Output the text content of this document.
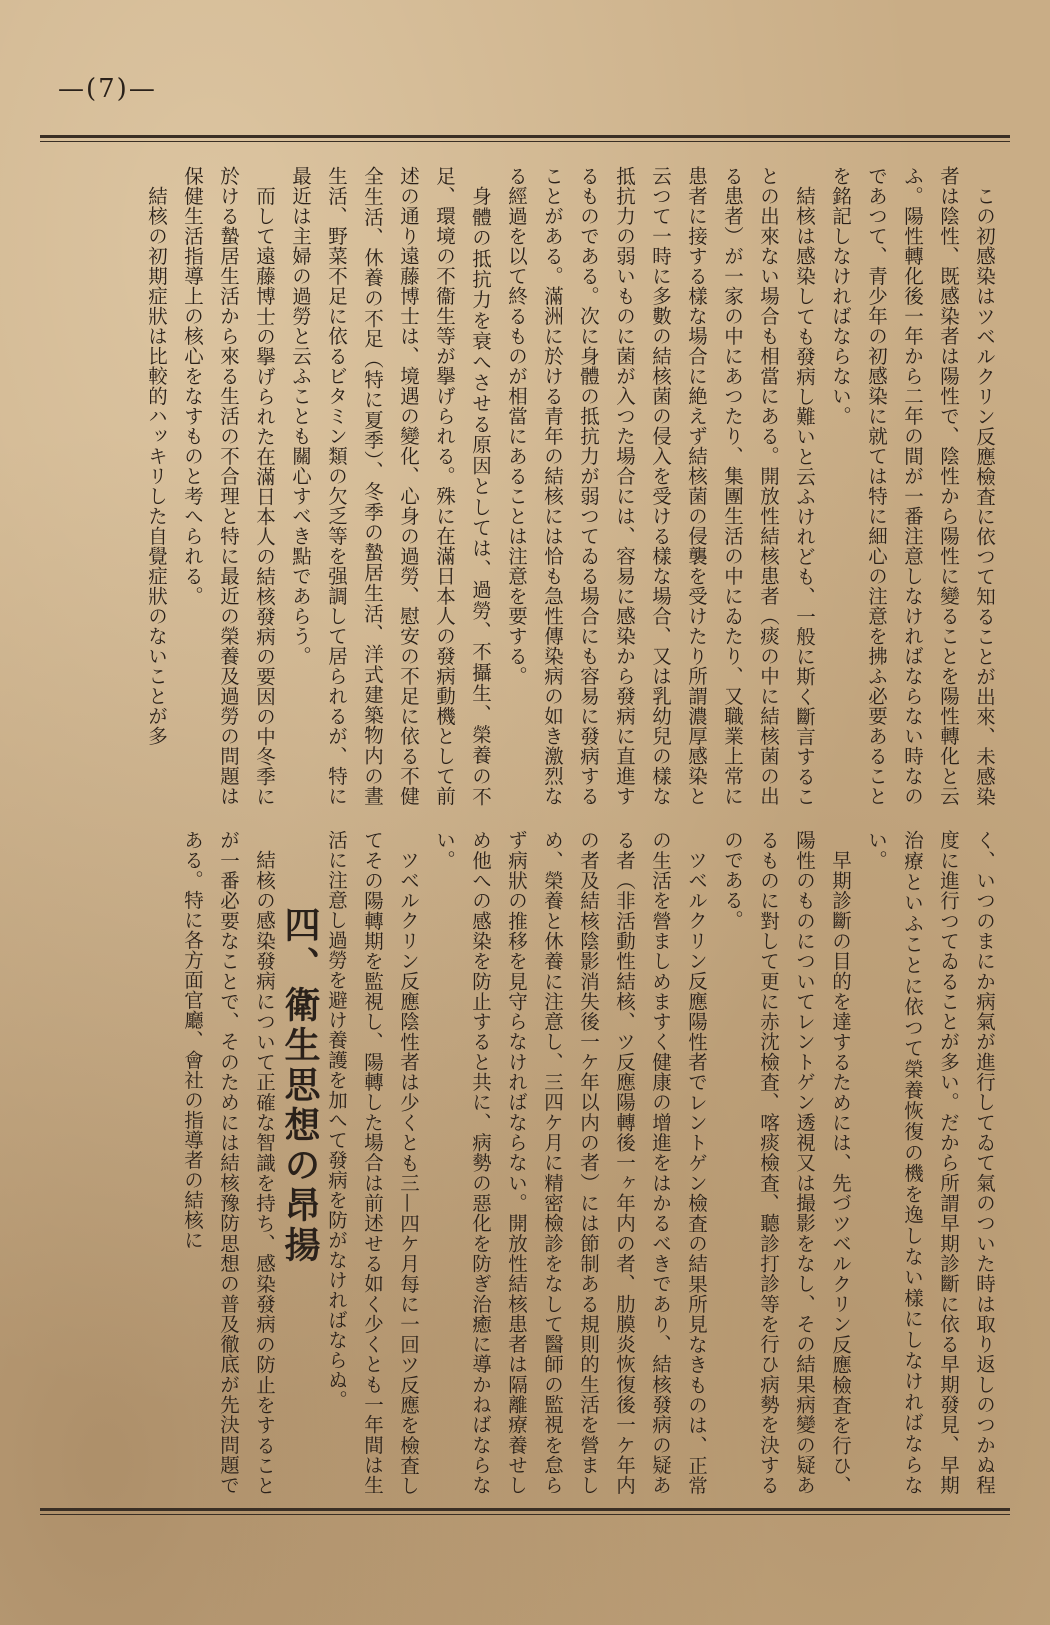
—(7)—

この初感染はツベルクリン反應檢査に依つて知ることが出來、未感染者は陰性、既感染者は陽性で、陰性から陽性に變ることを陽性轉化と云ふ。陽性轉化後一年から二年の間が一番注意しなければならない時なのであつて、青少年の初感染に就ては特に細心の注意を拂ふ必要あることを銘記しなければならない。

結核は感染しても發病し難いと云ふけれども、一般に斯く斷言することの出來ない場合も相當にある。開放性結核患者（痰の中に結核菌の出る患者）が一家の中にあつたり、集團生活の中にゐたり、又職業上常に患者に接する樣な場合に絶えず結核菌の侵襲を受けたり所謂濃厚感染と云つて一時に多數の結核菌の侵入を受ける樣な場合、又は乳幼兒の樣な抵抗力の弱いものに菌が入つた場合には、容易に感染から發病に直進するものである。次に身體の抵抗力が弱つてゐる場合にも容易に發病することがある。滿洲に於ける青年の結核には恰も急性傳染病の如き激烈なる經過を以て終るものが相當にあることは注意を要する。

身體の抵抗力を衰へさせる原因としては、過勞、不攝生、榮養の不足、環境の不衞生等が擧げられる。殊に在滿日本人の發病動機として前述の通り遠藤博士は、境遇の變化、心身の過勞、慰安の不足に依る不健全生活、休養の不足（特に夏季）、冬季の蟄居生活、洋式建築物内の晝生活、野菜不足に依るビタミン類の欠乏等を强調して居られるが、特に最近は主婦の過勞と云ふことも關心すべき點であらう。

而して遠藤博士の擧げられた在滿日本人の結核發病の要因の中冬季に於ける蟄居生活から來る生活の不合理と特に最近の榮養及過勞の問題は保健生活指導上の核心をなすものと考へられる。

結核の初期症狀は比較的ハッキリした自覺症狀のないことが多

く、いつのまにか病氣が進行してゐて氣のついた時は取り返しのつかぬ程度に進行つてゐることが多い。だから所謂早期診斷に依る早期發見、早期治療といふことに依つて榮養恢復の機を逸しない樣にしなければならない。

早期診斷の目的を達するためには、先づツベルクリン反應檢査を行ひ、陽性のものについてレントゲン透視又は撮影をなし、その結果病變の疑あるものに對して更に赤沈檢査、喀痰檢査、聽診打診等を行ひ病勢を決するのである。

ツベルクリン反應陽性者でレントゲン檢査の結果所見なきものは、正常の生活を營ましめますく健康の增進をはかるべきであり、結核發病の疑ある者（非活動性結核、ツ反應陽轉後一ヶ年内の者、肋膜炎恢復後一ケ年内の者及結核陰影消失後一ケ年以内の者）には節制ある規則的生活を營ましめ、榮養と休養に注意し、三四ケ月に精密檢診をなして醫師の監視を怠らず病狀の推移を見守らなければならない。開放性結核患者は隔離療養せしめ他への感染を防止すると共に、病勢の惡化を防ぎ治癒に導かねばならない。

ツベルクリン反應陰性者は少くとも三—四ケ月每に一回ツ反應を檢査してその陽轉期を監視し、陽轉した場合は前述せる如く少くとも一年間は生活に注意し過勞を避け養護を加へて發病を防がなければならぬ。

四、衛生思想の昂揚

結核の感染發病について正確な智識を持ち、感染發病の防止をすることが一番必要なことで、そのためには結核豫防思想の普及徹底が先決問題である。特に各方面官廳、會社の指導者の結核に
